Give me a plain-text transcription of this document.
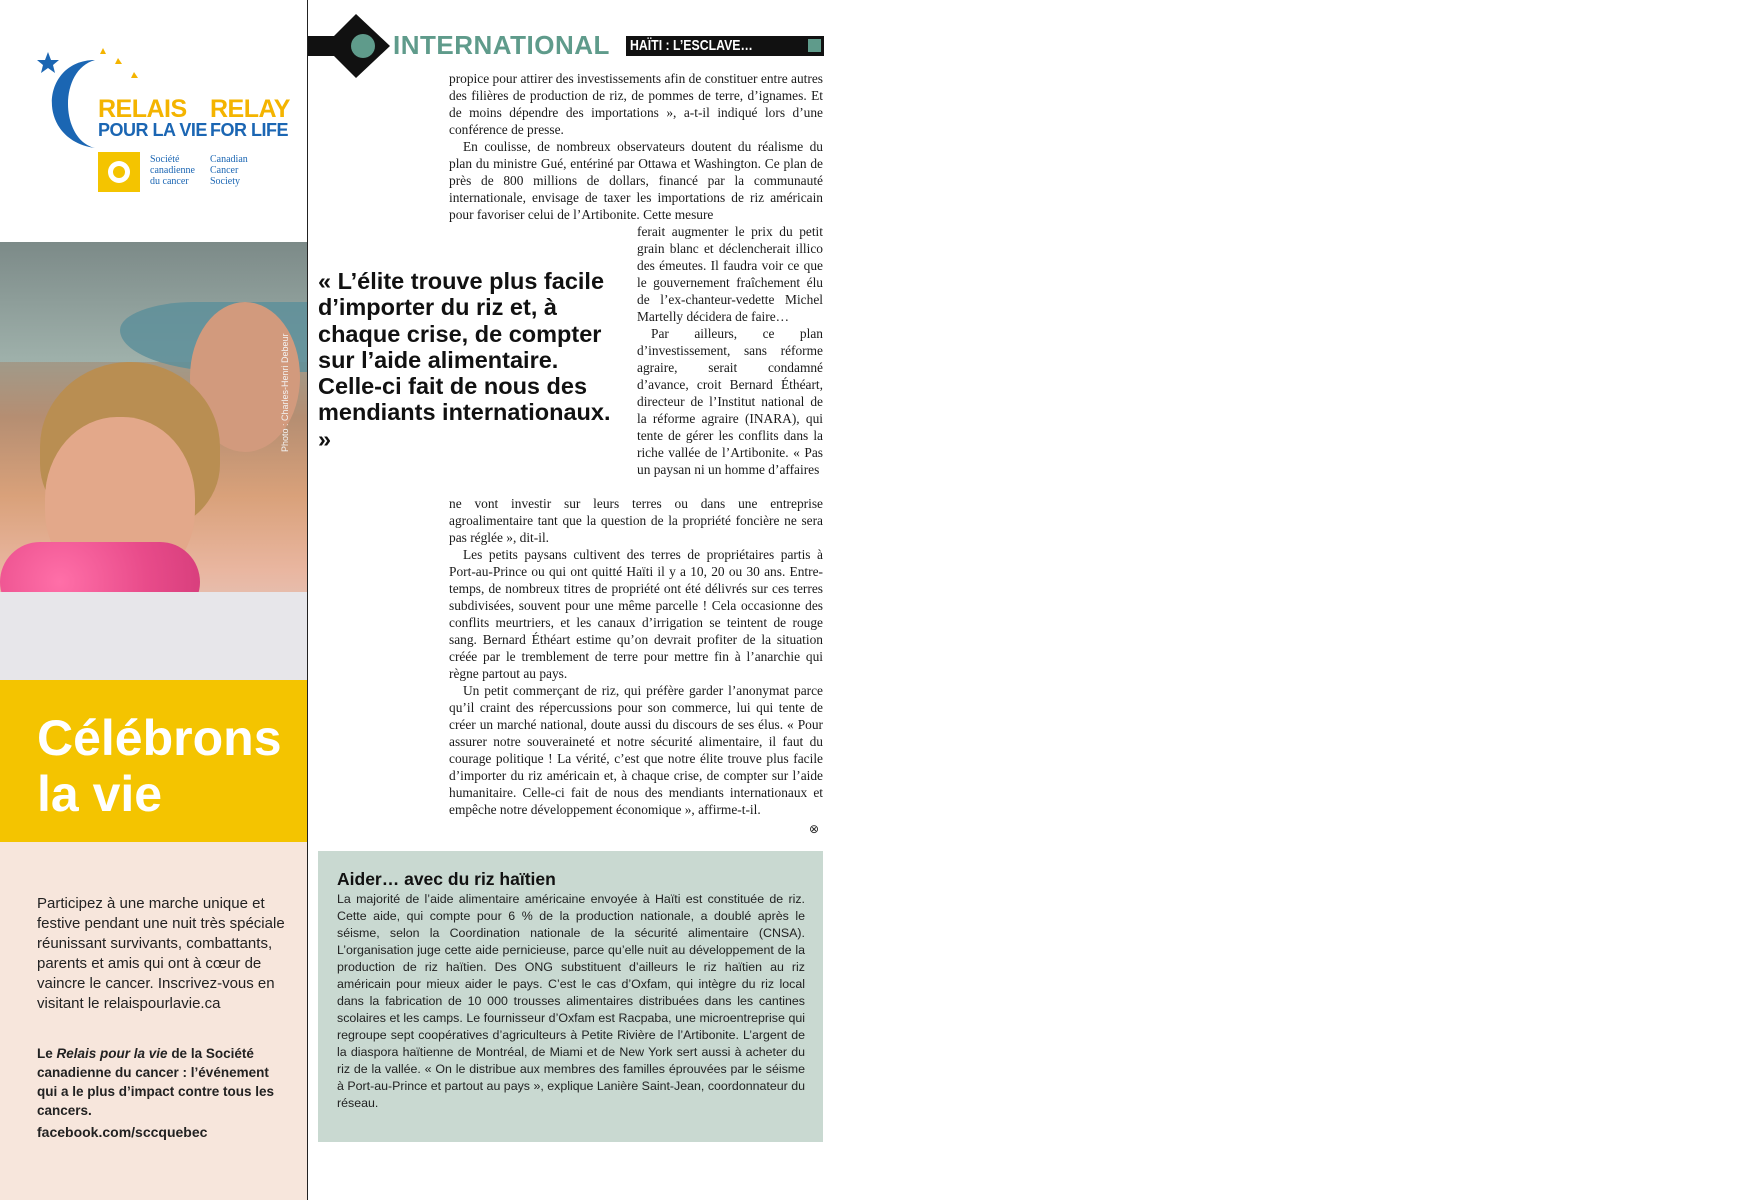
RELAIS
POUR LA VIE
RELAY
FOR LIFE
Société
canadienne
du cancer
Canadian
Cancer
Society
Photo : Charles-Henri Debeur
Célébrons
la vie
Participez à une marche unique et festive pendant une nuit très spéciale réunissant survivants, combattants, parents et amis qui ont à cœur de vaincre le cancer. Inscrivez-vous en visitant le relaispourlavie.ca
Le Relais pour la vie de la Société canadienne du cancer : l’événement qui a le plus d’impact contre tous les cancers.
facebook.com/sccquebec
INTERNATIONAL HAÏTI : L’ESCLAVE…

propice pour attirer des investissements afin de constituer entre autres des filières de production de riz, de pommes de terre, d’ignames. Et de moins dépendre des importations », a-t-il indiqué lors d’une conférence de presse.

En coulisse, de nombreux observateurs doutent du réalisme du plan du ministre Gué, entériné par Ottawa et Washington. Ce plan de près de 800 millions de dollars, financé par la communauté internationale, envisage de taxer les importations de riz américain pour favoriser celui de l’Artibonite. Cette mesure

« L’élite trouve plus facile d’importer du riz et, à chaque crise, de compter sur l’aide alimentaire. Celle-ci fait de nous des mendiants internationaux. »

ferait augmenter le prix du petit grain blanc et déclencherait illico des émeutes. Il faudra voir ce que le gouvernement fraîchement élu de l’ex-chanteur-vedette Michel Martelly décidera de faire…

Par ailleurs, ce plan d’investissement, sans réforme agraire, serait condamné d’avance, croit Bernard Éthéart, directeur de l’Institut national de la réforme agraire (INARA), qui tente de gérer les conflits dans la riche vallée de l’Artibonite. « Pas un paysan ni un homme d’affaires

ne vont investir sur leurs terres ou dans une entreprise agroalimentaire tant que la question de la propriété foncière ne sera pas réglée », dit-il.

Les petits paysans cultivent des terres de propriétaires partis à Port-au-Prince ou qui ont quitté Haïti il y a 10, 20 ou 30 ans. Entre-temps, de nombreux titres de propriété ont été délivrés sur ces terres subdivisées, souvent pour une même parcelle ! Cela occasionne des conflits meurtriers, et les canaux d’irrigation se teintent de rouge sang. Bernard Éthéart estime qu’on devrait profiter de la situation créée par le tremblement de terre pour mettre fin à l’anarchie qui règne partout au pays.

Un petit commerçant de riz, qui préfère garder l’anonymat parce qu’il craint des répercussions pour son commerce, lui qui tente de créer un marché national, doute aussi du discours de ses élus. « Pour assurer notre souveraineté et notre sécurité alimentaire, il faut du courage politique ! La vérité, c’est que notre élite trouve plus facile d’importer du riz américain et, à chaque crise, de compter sur l’aide humanitaire. Celle-ci fait de nous des mendiants internationaux et empêche notre développement économique », affirme-t-il.

⊗
Aider… avec du riz haïtien

La majorité de l’aide alimentaire américaine envoyée à Haïti est constituée de riz. Cette aide, qui compte pour 6 % de la production nationale, a doublé après le séisme, selon la Coordination nationale de la sécurité alimentaire (CNSA). L’organisation juge cette aide pernicieuse, parce qu’elle nuit au développement de la production de riz haïtien. Des ONG substituent d’ailleurs le riz haïtien au riz américain pour mieux aider le pays. C’est le cas d’Oxfam, qui intègre du riz local dans la fabrication de 10 000 trousses alimentaires distribuées dans les cantines scolaires et les camps. Le fournisseur d’Oxfam est Racpaba, une microentreprise qui regroupe sept coopératives d’agriculteurs à Petite Rivière de l’Artibonite. L’argent de la diaspora haïtienne de Montréal, de Miami et de New York sert aussi à acheter du riz de la vallée. « On le distribue aux membres des familles éprouvées par le séisme à Port-au-Prince et partout au pays », explique Lanière Saint-Jean, coordonnateur du réseau.
